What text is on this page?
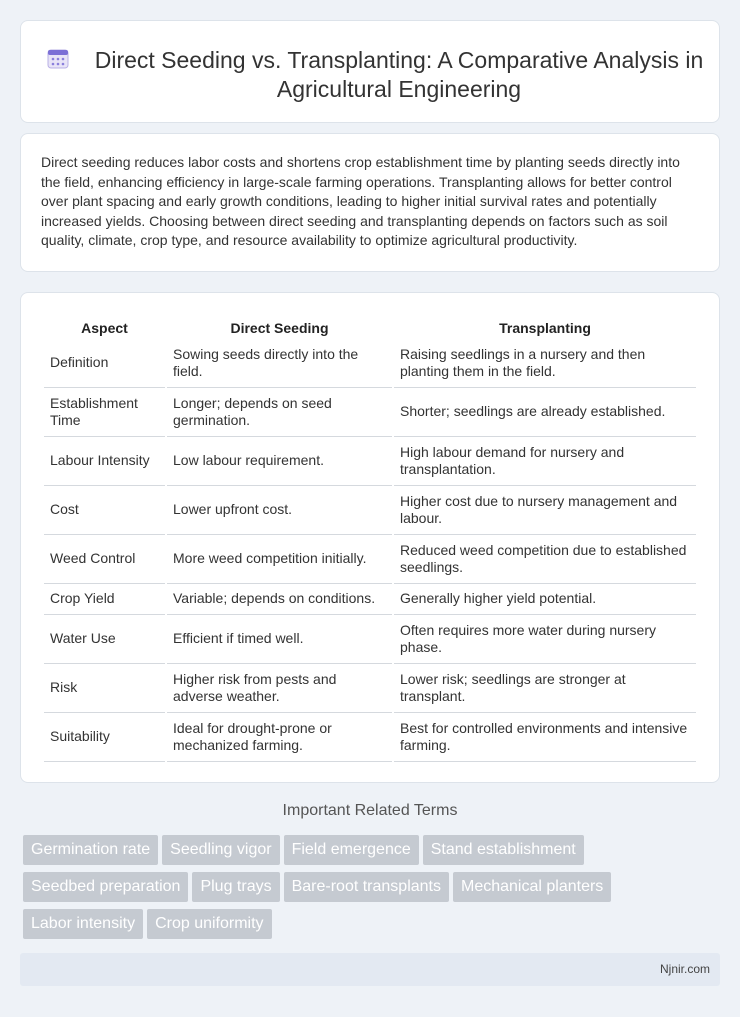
Direct Seeding vs. Transplanting: A Comparative Analysis in Agricultural Engineering

Direct seeding reduces labor costs and shortens crop establishment time by planting seeds directly into the field, enhancing efficiency in large-scale farming operations. Transplanting allows for better control over plant spacing and early growth conditions, leading to higher initial survival rates and potentially increased yields. Choosing between direct seeding and transplanting depends on factors such as soil quality, climate, crop type, and resource availability to optimize agricultural productivity.

Aspect	Direct Seeding	Transplanting
Definition	Sowing seeds directly into the field.	Raising seedlings in a nursery and then planting them in the field.
Establishment Time	Longer; depends on seed germination.	Shorter; seedlings are already established.
Labour Intensity	Low labour requirement.	High labour demand for nursery and transplantation.
Cost	Lower upfront cost.	Higher cost due to nursery management and labour.
Weed Control	More weed competition initially.	Reduced weed competition due to established seedlings.
Crop Yield	Variable; depends on conditions.	Generally higher yield potential.
Water Use	Efficient if timed well.	Often requires more water during nursery phase.
Risk	Higher risk from pests and adverse weather.	Lower risk; seedlings are stronger at transplant.
Suitability	Ideal for drought-prone or mechanized farming.	Best for controlled environments and intensive farming.
Important Related Terms
Germination rate Seedling vigor Field emergence Stand establishment
Seedbed preparation Plug trays Bare-root transplants Mechanical planters
Labor intensity Crop uniformity
Njnir.com
